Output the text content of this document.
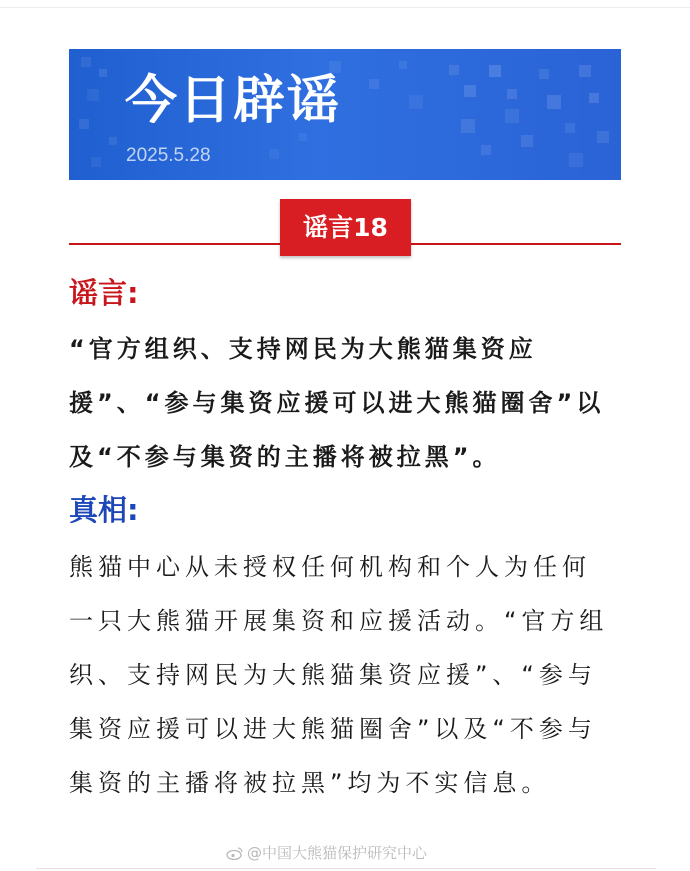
今日辟谣
2025.5.28
谣言18
谣言:
“官方组织、支持网民为大熊猫集资应
援”、“参与集资应援可以进大熊猫圈舍”以
及“不参与集资的主播将被拉黑”。
真相:
熊猫中心从未授权任何机构和个人为任何
一只大熊猫开展集资和应援活动。“官方组
织、支持网民为大熊猫集资应援”、“参与
集资应援可以进大熊猫圈舍”以及“不参与
集资的主播将被拉黑”均为不实信息。
@中国大熊猫保护研究中心
